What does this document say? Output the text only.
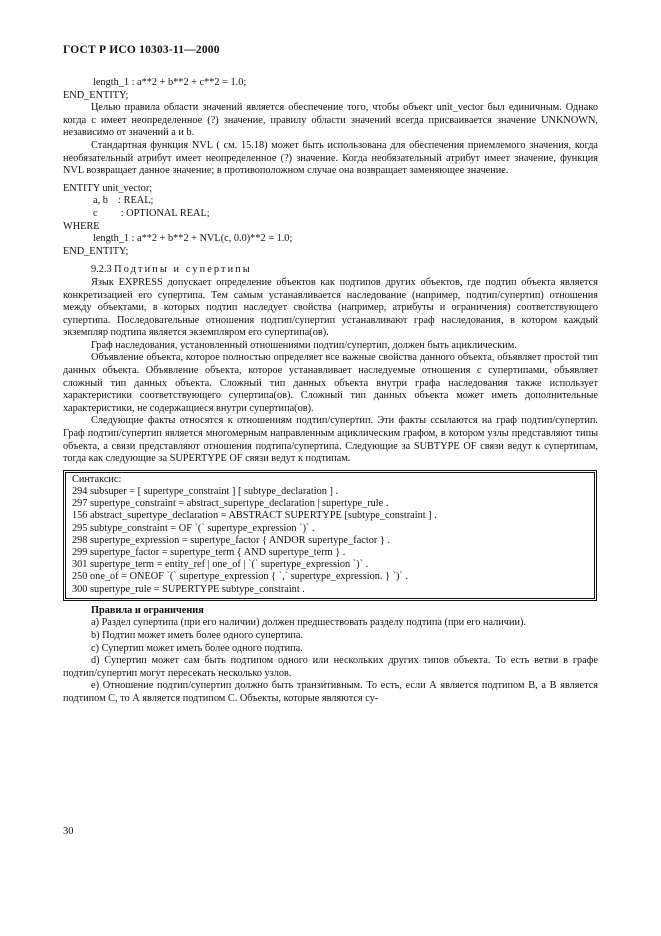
ГОСТ Р ИСО 10303-11—2000
length_1 : a**2 + b**2 + c**2 = 1.0;
END_ENTITY;

Целью правила области значений является обеспечение того, чтобы объект unit_vector был единичным. Однако когда с имеет неопределенное (?) значение, правилу области значений всегда присваивается значение UNKNOWN, независимо от значений a и b.

Стандартная функция NVL ( см. 15.18) может быть использована для обеспечения приемлемого значения, когда необязательный атрибут имеет неопределенное (?) значение. Когда необязательный атрибут имеет значение, функция NVL возвращает данное значение; в противоположном случае она возвращает заменяющее значение.

ENTITY unit_vector;
a, b    : REAL;
c         : OPTIONAL REAL;
WHERE
length_1 : a**2 + b**2 + NVL(c, 0.0)**2 = 1.0;
END_ENTITY;
9.2.3 Подтипы и супертипы

Язык EXPRESS допускает определение объектов как подтипов других объектов, где подтип объекта является конкретизацией его супертипа. Тем самым устанавливается наследование (например, подтип/супертип) отношения между объектами, в которых подтип наследует свойства (например, атрибуты и ограничения) соответствующего супертипа. Последовательные отношения подтип/супертип устанавливают граф наследования, в котором каждый экземпляр подтипа является экземпляром его супертипа(ов).

Граф наследования, установленный отношениями подтип/супертип, должен быть ациклическим.

Объявление объекта, которое полностью определяет все важные свойства данного объекта, объявляет простой тип данных объекта. Объявление объекта, которое устанавливает наследуемые отношения с супертипами, объявляет сложный тип данных объекта. Сложный тип данных объекта внутри графа наследования также использует характеристики соответствующего супертипа(ов). Сложный тип данных объекта может иметь дополнительные характеристики, не содержащиеся внутри супертипа(ов).

Следующие факты относятся к отношениям подтип/супертип. Эти факты ссылаются на граф подтип/супертип. Граф подтип/супертип является многомерным направленным ациклическим графом, в котором узлы представляют типы объекта, а связи представляют отношения подтипа/супертипа. Следующие за SUBTYPE OF связи ведут к супертипам, тогда как следующие за SUPERTYPE OF связи ведут к подтипам.

Синтаксис:
294 subsuper = [ supertype_constraint ] [ subtype_declaration ] .
297 supertype_constraint = abstract_supertype_declaration | supertype_rule .
156 abstract_supertype_declaration = ABSTRACT SUPERTYPE [subtype_constraint ] .
295 subtype_constraint = OF `(` supertype_expression `)` .
298 supertype_expression = supertype_factor { ANDOR supertype_factor } .
299 supertype_factor = supertype_term { AND supertype_term } .
301 supertype_term = entity_ref | one_of | `(` supertype_expression `)` .
250 one_of = ONEOF `(` supertype_expression { `,` supertype_expression. } `)` .
300 supertype_rule = SUPERTYPE subtype_constraint .

Правила и ограничения

а) Раздел супертипа (при его наличии) должен предшествовать разделу подтипа (при его наличии).

b) Подтип может иметь более одного супертипа.

c) Супертип может иметь более одного подтипа.

d) Супертип может сам быть подтипом одного или нескольких других типов объекта. То есть ветви в графе подтип/супертип могут пересекать несколько узлов.

e) Отношение подтип/супертип должно быть транзитивным. То есть, если А является подтипом В, а В является подтипом С, то А является подтипом С. Объекты, которые являются су-

30
